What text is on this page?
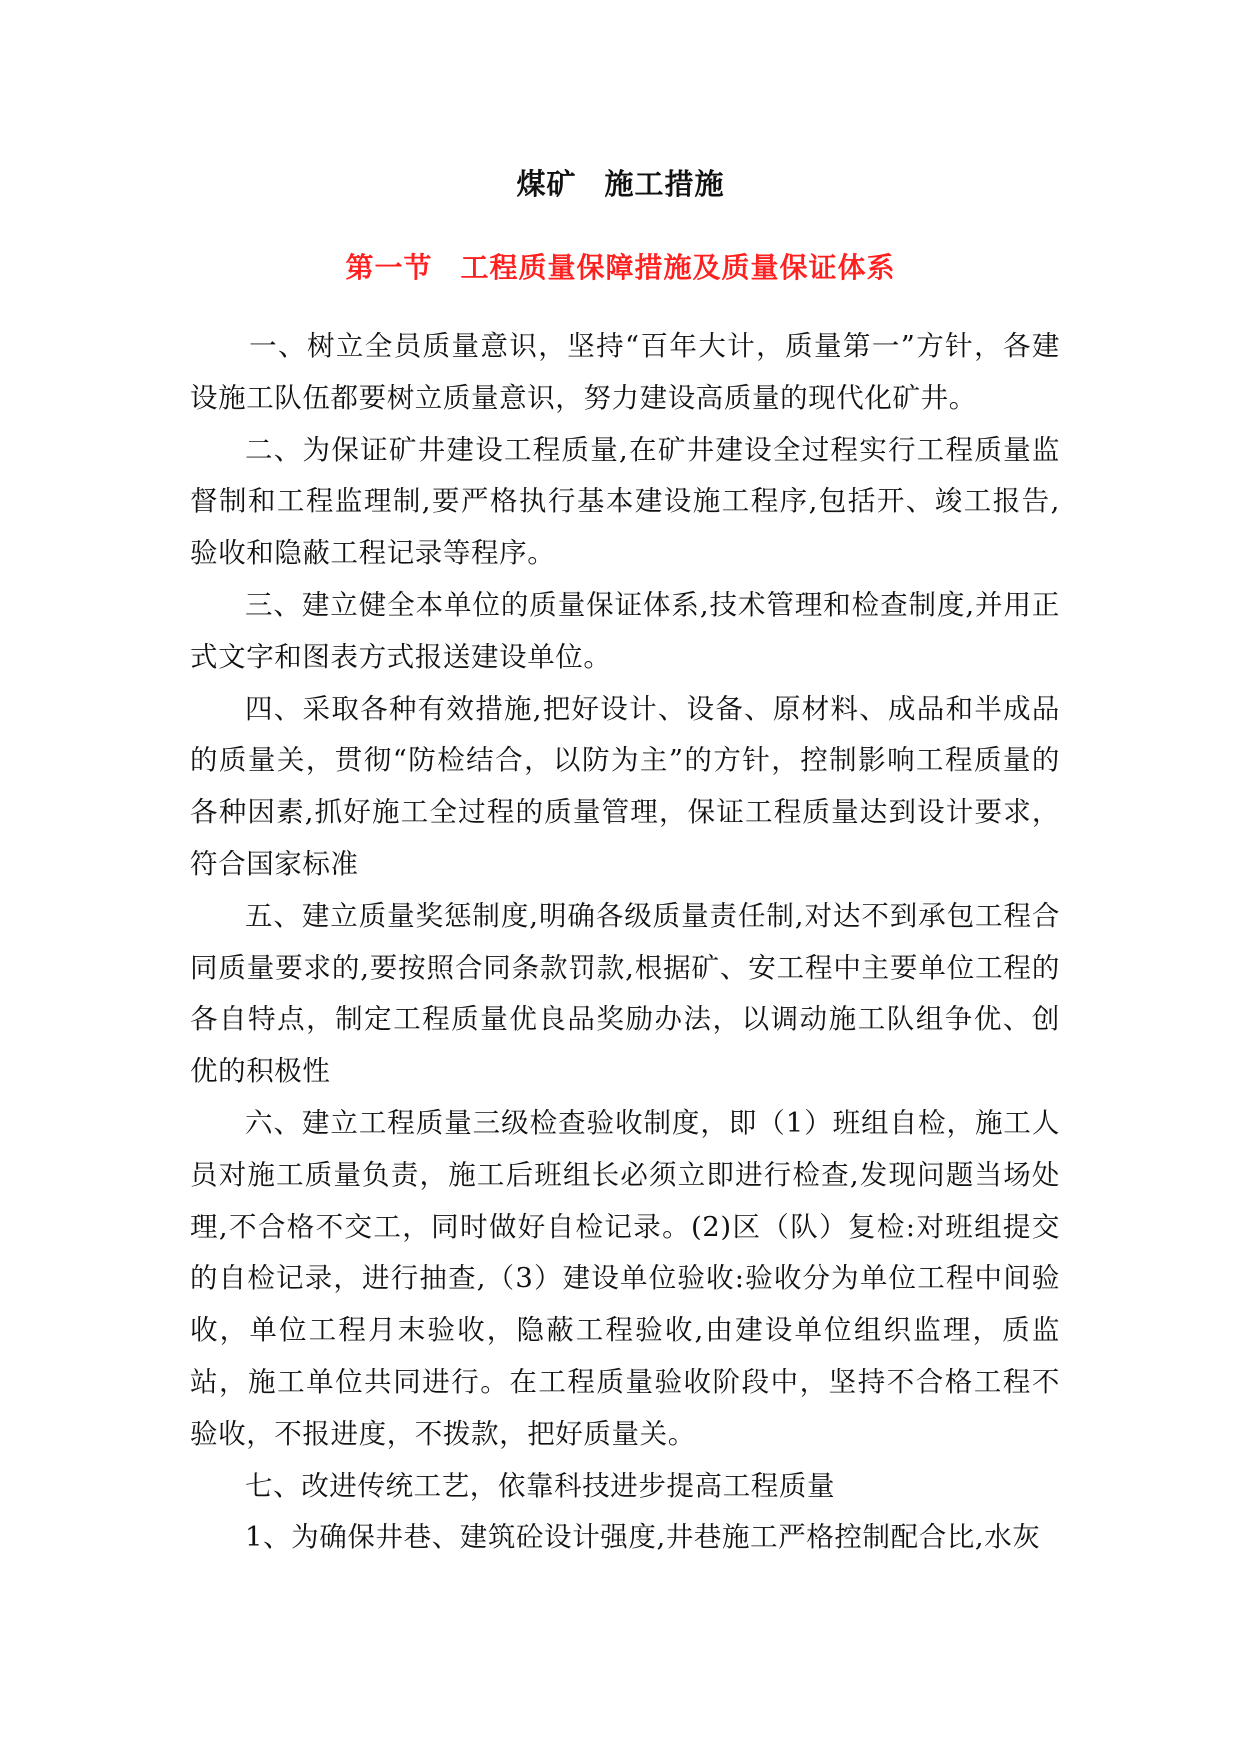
煤矿 施工措施
第一节 工程质量保障措施及质量保证体系

一、树立全员质量意识，坚持“百年大计，质量第一”方针，各建设施工队伍都要树立质量意识，努力建设高质量的现代化矿井。

二、为保证矿井建设工程质量,在矿井建设全过程实行工程质量监督制和工程监理制,要严格执行基本建设施工程序,包括开、竣工报告,验收和隐蔽工程记录等程序。

三、建立健全本单位的质量保证体系,技术管理和检查制度,并用正式文字和图表方式报送建设单位。

四、采取各种有效措施,把好设计、设备、原材料、成品和半成品的质量关，贯彻“防检结合，以防为主”的方针，控制影响工程质量的各种因素,抓好施工全过程的质量管理，保证工程质量达到设计要求，符合国家标准

五、建立质量奖惩制度,明确各级质量责任制,对达不到承包工程合同质量要求的,要按照合同条款罚款,根据矿、安工程中主要单位工程的各自特点，制定工程质量优良品奖励办法，以调动施工队组争优、创优的积极性

六、建立工程质量三级检查验收制度，即（1）班组自检，施工人员对施工质量负责，施工后班组长必须立即进行检查,发现问题当场处理,不合格不交工，同时做好自检记录。(2)区（队）复检:对班组提交的自检记录，进行抽查,（3）建设单位验收:验收分为单位工程中间验收，单位工程月末验收，隐蔽工程验收,由建设单位组织监理，质监站，施工单位共同进行。在工程质量验收阶段中，坚持不合格工程不验收，不报进度，不拨款，把好质量关。

七、改进传统工艺，依靠科技进步提高工程质量

1、为确保井巷、建筑砼设计强度,井巷施工严格控制配合比,水灰
